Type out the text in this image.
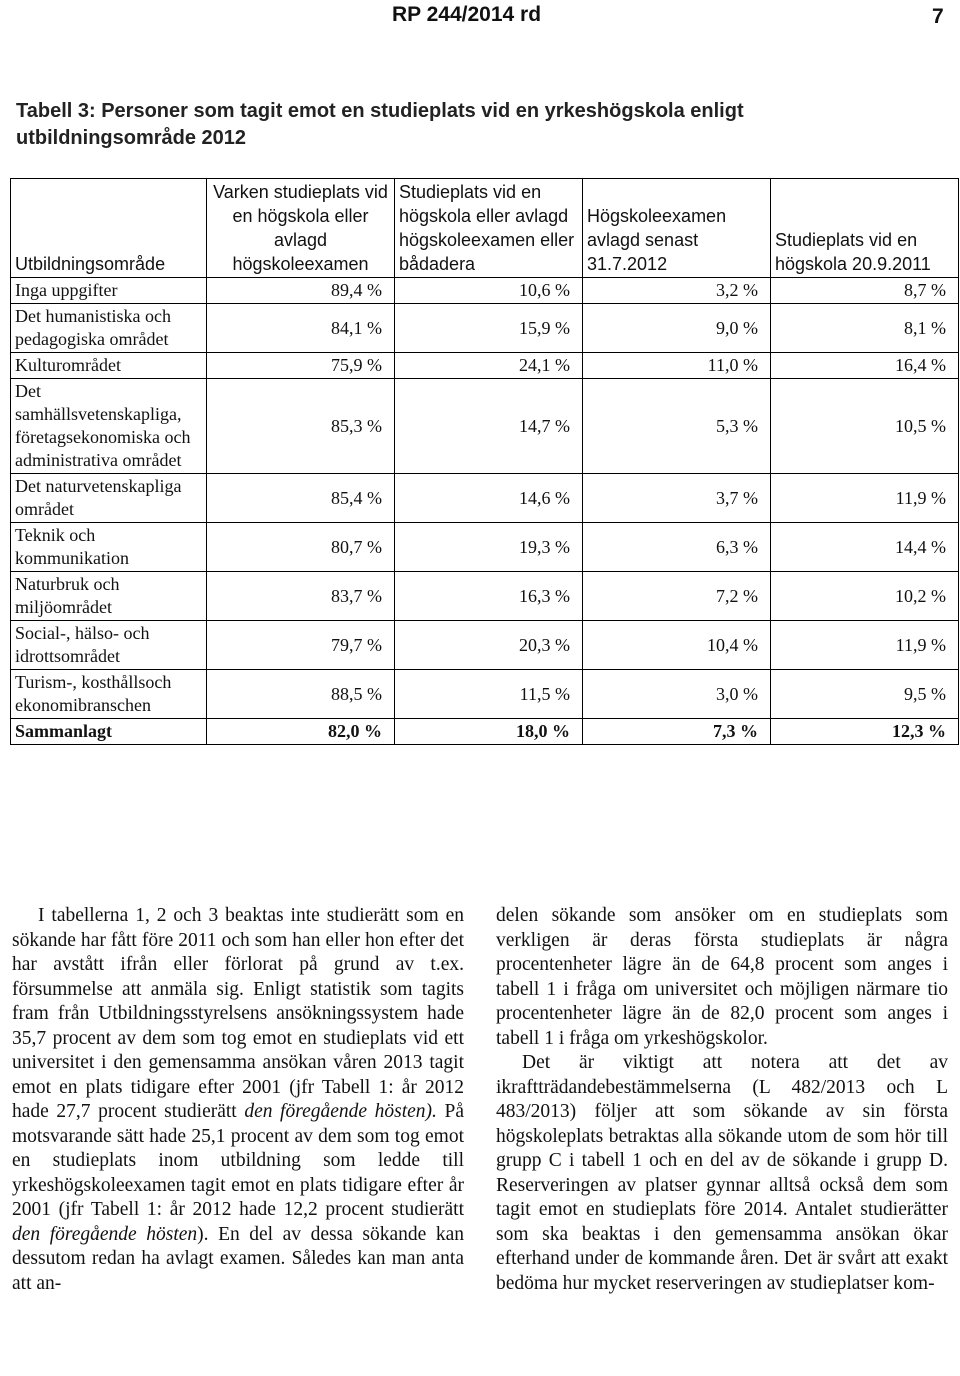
RP 244/2014 rd	7
Tabell 3: Personer som tagit emot en studieplats vid en yrkeshögskola enligt utbildningsområde 2012
Utbildningsområde	Varken studieplats vid en högskola eller avlagd högskoleexamen	Studieplats vid en högskola eller avlagd högskoleexamen eller bådadera	Högskoleexamen avlagd senast 31.7.2012	Studieplats vid en högskola 20.9.2011
Inga uppgifter	89,4 %	10,6 %	3,2 %	8,7 %
Det humanistiska och pedagogiska området	84,1 %	15,9 %	9,0 %	8,1 %
Kulturområdet	75,9 %	24,1 %	11,0 %	16,4 %
Det samhällsvetenskapliga, företagsekonomiska och administrativa området	85,3 %	14,7 %	5,3 %	10,5 %
Det naturvetenskapliga området	85,4 %	14,6 %	3,7 %	11,9 %
Teknik och kommunikation	80,7 %	19,3 %	6,3 %	14,4 %
Naturbruk och miljöområdet	83,7 %	16,3 %	7,2 %	10,2 %
Social-, hälso- och idrottsområdet	79,7 %	20,3 %	10,4 %	11,9 %
Turism-, kosthållsoch ekonomibranschen	88,5 %	11,5 %	3,0 %	9,5 %
Sammanlagt	82,0 %	18,0 %	7,3 %	12,3 %

I tabellerna 1, 2 och 3 beaktas inte studierätt som en sökande har fått före 2011 och som han eller hon efter det har avstått ifrån eller förlorat på grund av t.ex. försummelse att anmäla sig. Enligt statistik som tagits fram från Utbildningsstyrelsens ansökningssystem hade 35,7 procent av dem som tog emot en studieplats vid ett universitet i den gemensamma ansökan våren 2013 tagit emot en plats tidigare efter 2001 (jfr Tabell 1: år 2012 hade 27,7 procent studierätt den föregående hösten). På motsvarande sätt hade 25,1 procent av dem som tog emot en studieplats inom utbildning som ledde till yrkeshögskoleexamen tagit emot en plats tidigare efter år 2001 (jfr Tabell 1: år 2012 hade 12,2 procent studierätt den föregående hösten). En del av dessa sökande kan dessutom redan ha avlagt examen. Således kan man anta att an-

delen sökande som ansöker om en studieplats som verkligen är deras första studieplats är några procentenheter lägre än de 64,8 procent som anges i tabell 1 i fråga om universitet och möjligen närmare tio procentenheter lägre än de 82,0 procent som anges i tabell 1 i fråga om yrkeshögskolor.

Det är viktigt att notera att det av ikraftträdandebestämmelserna (L 482/2013 och L 483/2013) följer att som sökande av sin första högskoleplats betraktas alla sökande utom de som hör till grupp C i tabell 1 och en del av de sökande i grupp D. Reserveringen av platser gynnar alltså också dem som tagit emot en studieplats före 2014. Antalet studierätter som ska beaktas i den gemensamma ansökan ökar efterhand under de kommande åren. Det är svårt att exakt bedöma hur mycket reserveringen av studieplatser kom-
